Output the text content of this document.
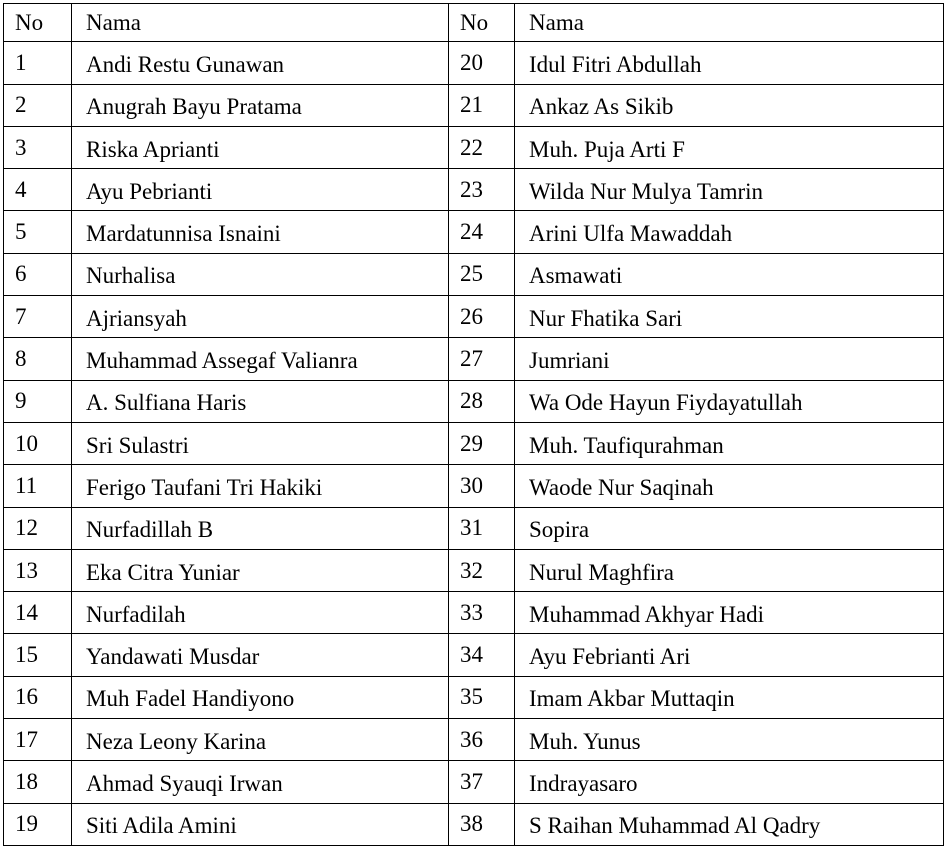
No	Nama	No	Nama
1	Andi Restu Gunawan	20	Idul Fitri Abdullah
2	Anugrah Bayu Pratama	21	Ankaz As Sikib
3	Riska Aprianti	22	Muh. Puja Arti F
4	Ayu Pebrianti	23	Wilda Nur Mulya Tamrin
5	Mardatunnisa Isnaini	24	Arini Ulfa Mawaddah
6	Nurhalisa	25	Asmawati
7	Ajriansyah	26	Nur Fhatika Sari
8	Muhammad Assegaf Valianra	27	Jumriani
9	A. Sulfiana Haris	28	Wa Ode Hayun Fiydayatullah
10	Sri Sulastri	29	Muh. Taufiqurahman
11	Ferigo Taufani Tri Hakiki	30	Waode Nur Saqinah
12	Nurfadillah B	31	Sopira
13	Eka Citra Yuniar	32	Nurul Maghfira
14	Nurfadilah	33	Muhammad Akhyar Hadi
15	Yandawati Musdar	34	Ayu Febrianti Ari
16	Muh Fadel Handiyono	35	Imam Akbar Muttaqin
17	Neza Leony Karina	36	Muh. Yunus
18	Ahmad Syauqi Irwan	37	Indrayasaro
19	Siti Adila Amini	38	S Raihan Muhammad Al Qadry
